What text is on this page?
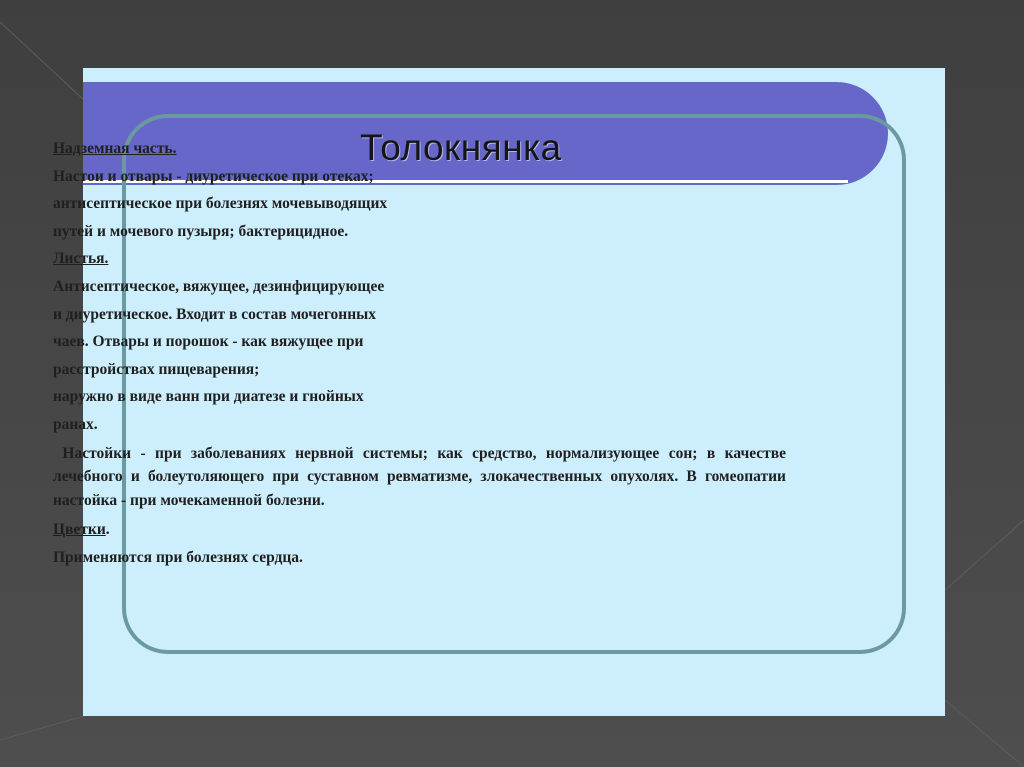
Толокнянка

Надземная часть.

Настои и отвары - диуретическое при отеках;

антисептическое при болезнях мочевыводящих

путей и мочевого пузыря; бактерицидное.

Листья.

Антисептическое, вяжущее, дезинфицирующее

и диуретическое. Входит в состав мочегонных

чаев. Отвары и порошок - как вяжущее при

расстройствах пищеварения;

наружно в виде ванн при диатезе и гнойных

ранах.

Настойки - при заболеваниях нервной системы; как средство, нормализующее сон; в качестве лечебного и болеутоляющего при суставном ревматизме, злокачественных опухолях. В гомеопатии настойка - при мочекаменной болезни.

Цветки.

Применяются при болезнях сердца.
